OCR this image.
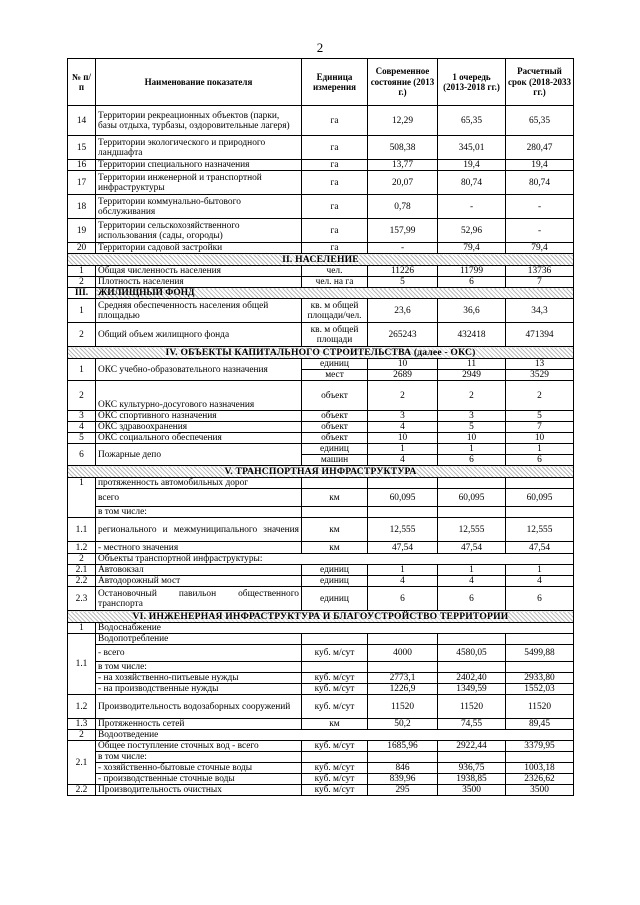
2
№ п/п	Наименование показателя	Единица измерения	Современное состояние (2013 г.)	1 очередь (2013-2018 гг.)	Расчетный срок (2018-2033 гг.)
14	Территории рекреационных объектов (парки, базы отдыха, турбазы, оздоровительные лагеря)	га	12,29	65,35	65,35
15	Территории экологического и природного ландшафта	га	508,38	345,01	280,47
16	Территории специального назначения	га	13,77	19,4	19,4
17	Территории инженерной и транспортной инфраструктуры	га	20,07	80,74	80,74
18	Территории коммунально-бытового обслуживания	га	0,78	-	-
19	Территории сельскохозяйственного использования (сады, огороды)	га	157,99	52,96	-
20	Территории садовой застройки	га	-	79,4	79,4
II. НАСЕЛЕНИЕ					
1	Общая численность населения	чел.	11226	11799	13736
2	Плотность населения	чел. на га	5	6	7
III.	ЖИЛИЩНЫЙ ФОНД				
1	Средняя обеспеченность населения общей площадью	кв. м общей площади/чел.	23,6	36,6	34,3
2	Общий объем жилищного фонда	кв. м общей площади	265243	432418	471394
IV. ОБЪЕКТЫ КАПИТАЛЬНОГО СТРОИТЕЛЬСТВА (далее - ОКС)					
1	ОКС учебно-образовательного назначения	единиц	10	11	13
		мест	2689	2949	3529
2	ОКС культурно-досугового назначения	объект	2	2	2
3	ОКС спортивного назначения	объект	3	3	5
4	ОКС здравоохранения	объект	4	5	7
5	ОКС социального обеспечения	объект	10	10	10
6	Пожарные депо	единиц	1	1	1
		машин	4	6	6
V. ТРАНСПОРТНАЯ ИНФРАСТРУКТУРА					
1	протяженность автомобильных дорог				
	всего	км	60,095	60,095	60,095
	в том числе:				
1.1	регионального и межмуниципального значения	км	12,555	12,555	12,555
1.2	- местного значения	км	47,54	47,54	47,54
2	Объекты транспортной инфраструктуры:				
2.1	Автовокзал	единиц	1	1	1
2.2	Автодорожный мост	единиц	4	4	4
2.3	Остановочный павильон общественного транспорта	единиц	6	6	6
VI. ИНЖЕНЕРНАЯ ИНФРАСТРУКТУРА И БЛАГОУСТРОЙСТВО ТЕРРИТОРИИ					
1	Водоснабжение				
1.1	Водопотребление				
	- всего	куб. м/сут	4000	4580,05	5499,88
	в том числе:				
	- на хозяйственно-питьевые нужды	куб. м/сут	2773,1	2402,40	2933,80
	- на производственные нужды	куб. м/сут	1226,9	1349,59	1552,03
1.2	Производительность водозаборных сооружений	куб. м/сут	11520	11520	11520
1.3	Протяженность сетей	км	50,2	74,55	89,45
2	Водоотведение				
2.1	Общее поступление сточных вод - всего	куб. м/сут	1685,96	2922,44	3379,95
	в том числе:				
	- хозяйственно-бытовые сточные воды	куб. м/сут	846	936,75	1003,18
	- производственные сточные воды	куб. м/сут	839,96	1938,85	2326,62
2.2	Производительность очистных	куб. м/сут	295	3500	3500
